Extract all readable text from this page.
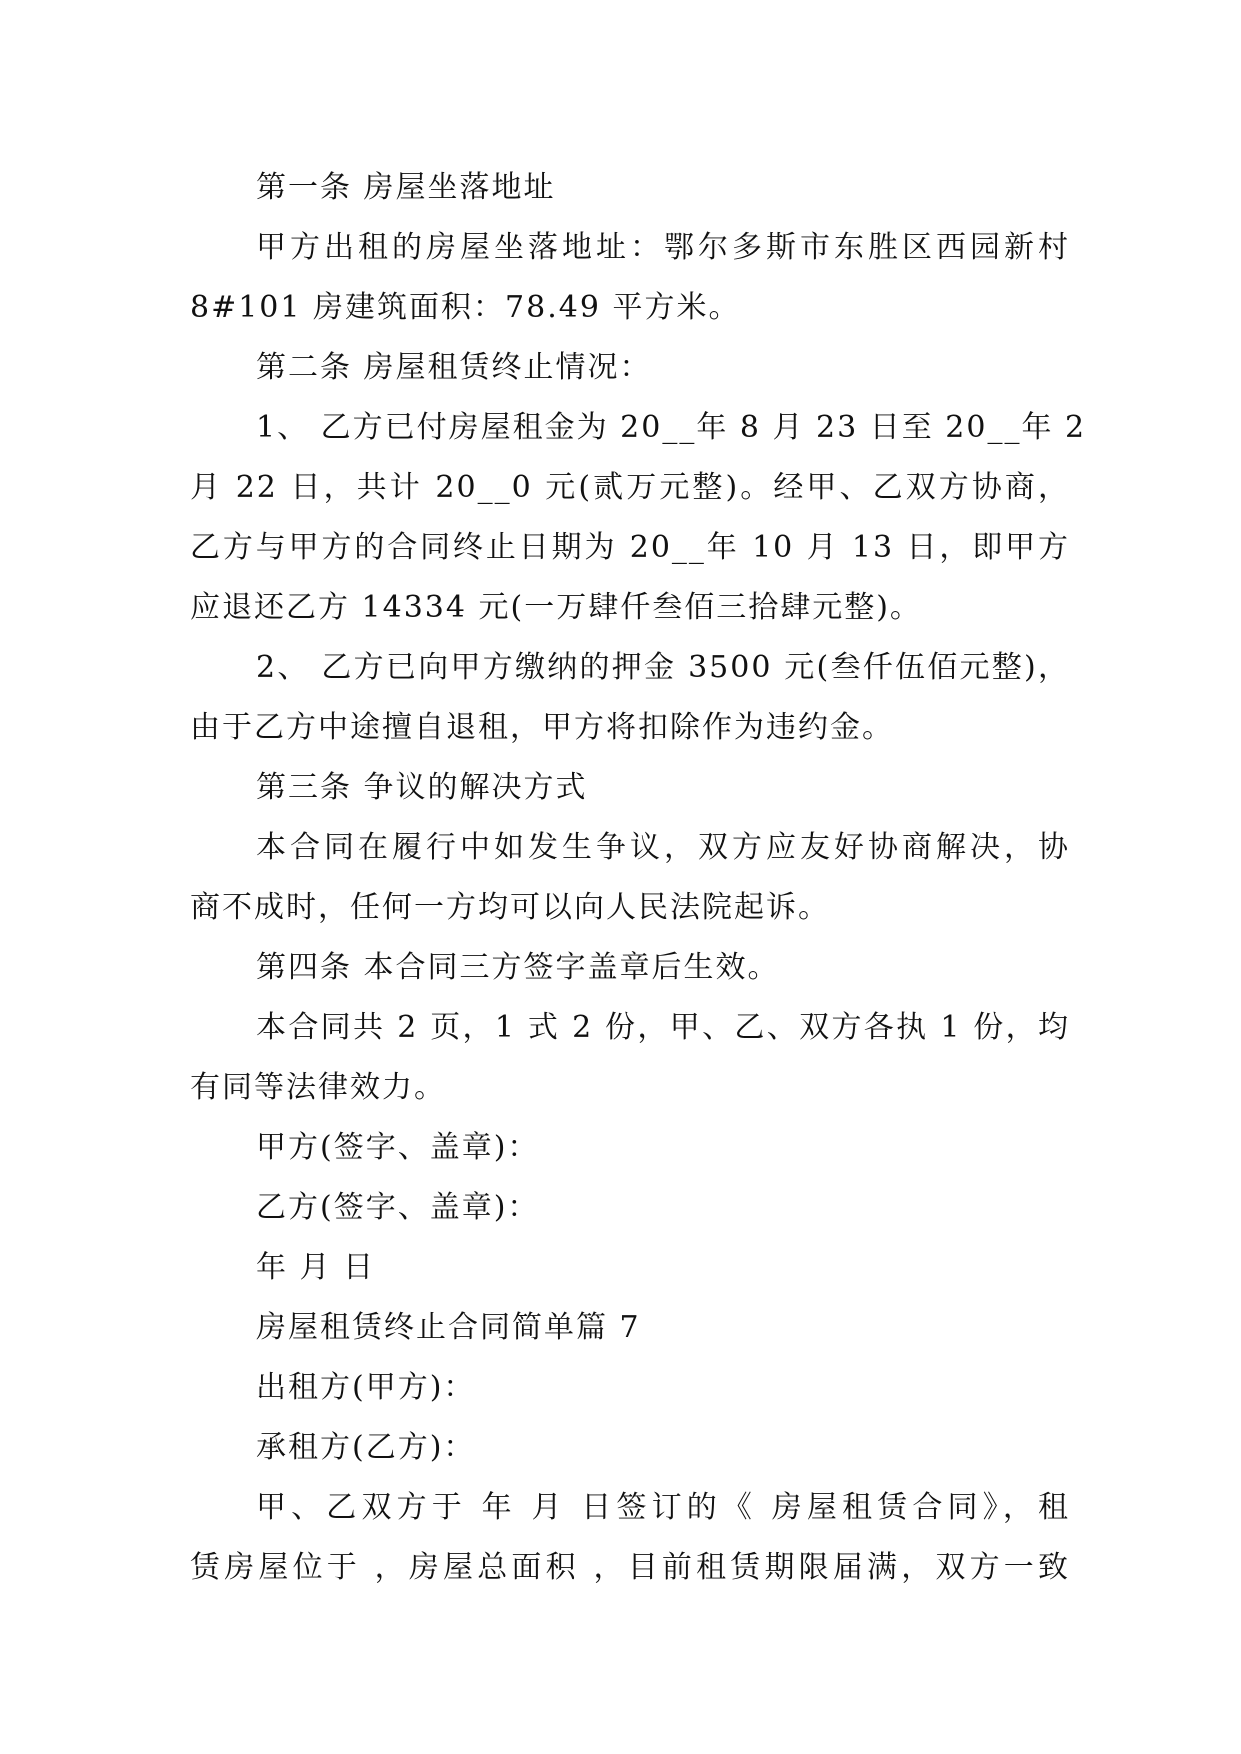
第一条 房屋坐落地址

甲方出租的房屋坐落地址：鄂尔多斯市东胜区西园新村

8#101 房建筑面积：78.49 平方米。

第二条 房屋租赁终止情况：

1、 乙方已付房屋租金为 20__年 8 月 23 日至 20__年 2

月 22 日，共计 20__0 元(贰万元整)。经甲、乙双方协商，

乙方与甲方的合同终止日期为 20__年 10 月 13 日，即甲方

应退还乙方 14334 元(一万肆仟叁佰三拾肆元整)。

2、 乙方已向甲方缴纳的押金 3500 元(叁仟伍佰元整)，

由于乙方中途擅自退租，甲方将扣除作为违约金。

第三条 争议的解决方式

本合同在履行中如发生争议，双方应友好协商解决，协

商不成时，任何一方均可以向人民法院起诉。

第四条 本合同三方签字盖章后生效。

本合同共 2 页，1 式 2 份，甲、乙、双方各执 1 份，均

有同等法律效力。

甲方(签字、盖章)：

乙方(签字、盖章)：

年 月 日

房屋租赁终止合同简单篇 7

出租方(甲方)：

承租方(乙方)：

甲、乙双方于 年 月 日签订的《 房屋租赁合同》，租

赁房屋位于 ，房屋总面积 ，目前租赁期限届满，双方一致
